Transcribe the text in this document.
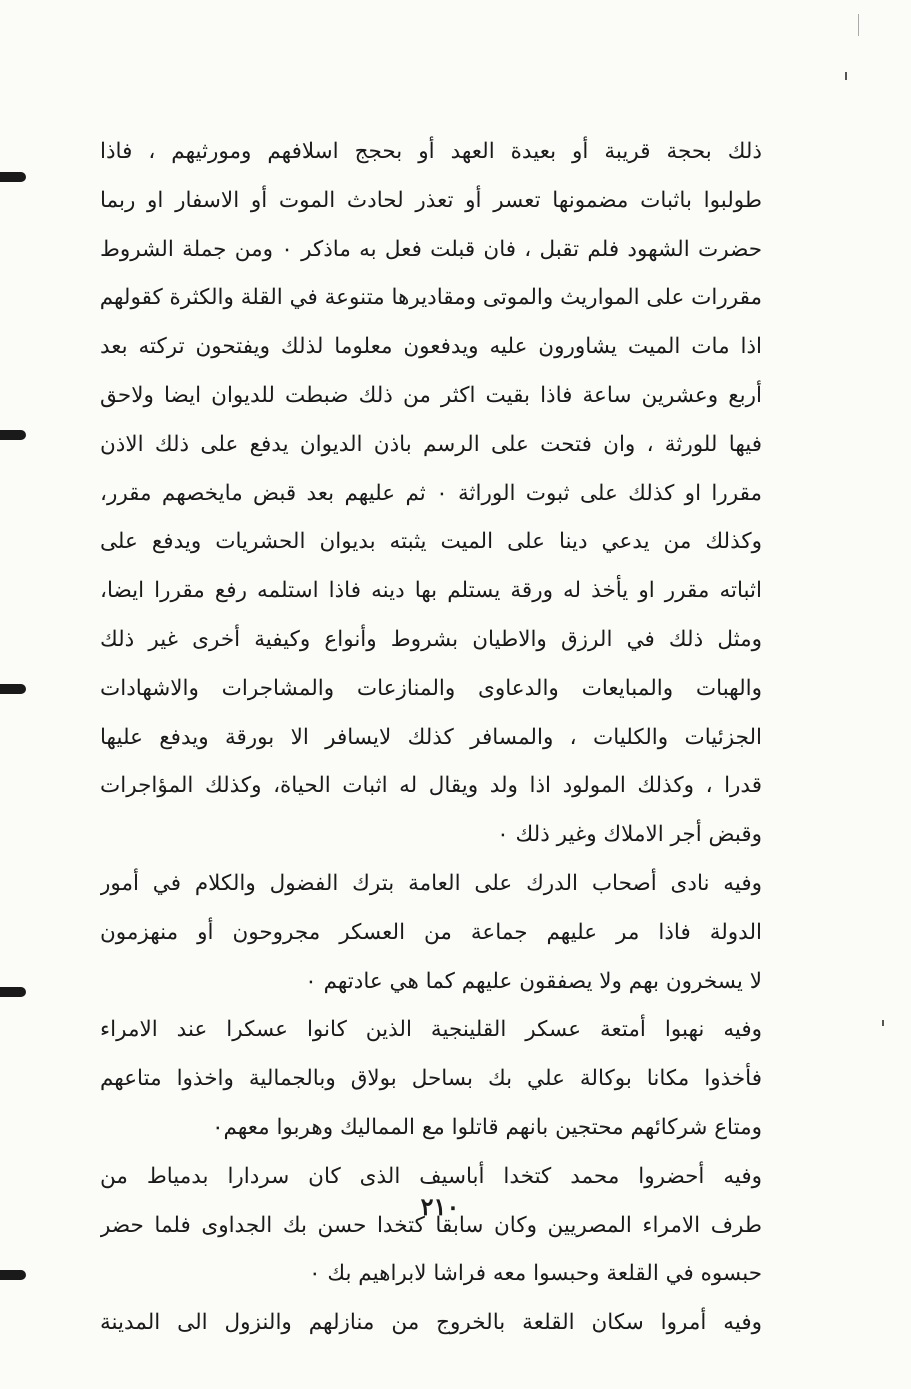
ذلك بحجة قريبة أو بعيدة العهد أو بحجج اسلافهم ومورثيهم ، فاذا
طولبوا باثبات مضمونها تعسر أو تعذر لحادث الموت أو الاسفار او ربما
حضرت الشهود فلم تقبل ، فان قبلت فعل به ماذكر ٠ ومن جملة الشروط
مقررات على المواريث والموتى ومقاديرها متنوعة في القلة والكثرة كقولهم
اذا مات الميت يشاورون عليه ويدفعون معلوما لذلك ويفتحون تركته بعد
أربع وعشرين ساعة فاذا بقيت اكثر من ذلك ضبطت للديوان ايضا ولاحق
فيها للورثة ، وان فتحت على الرسم باذن الديوان يدفع على ذلك الاذن
مقررا او كذلك على ثبوت الوراثة ٠ ثم عليهم بعد قبض مايخصهم مقرر،
وكذلك من يدعي دينا على الميت يثبته بديوان الحشريات ويدفع على
اثباته مقرر او يأخذ له ورقة يستلم بها دينه فاذا استلمه رفع مقررا ايضا،
ومثل ذلك في الرزق والاطيان بشروط وأنواع وكيفية أخرى غير ذلك
والهبات والمبايعات والدعاوى والمنازعات والمشاجرات والاشهادات
الجزئيات والكليات ، والمسافر كذلك لايسافر الا بورقة ويدفع عليها
قدرا ، وكذلك المولود اذا ولد ويقال له اثبات الحياة، وكذلك المؤاجرات
وقبض أجر الاملاك وغير ذلك ٠
وفيه نادى أصحاب الدرك على العامة بترك الفضول والكلام في أمور
الدولة فاذا مر عليهم جماعة من العسكر مجروحون أو منهزمون
لا يسخرون بهم ولا يصفقون عليهم كما هي عادتهم ٠
وفيه نهبوا أمتعة عسكر القلينجية الذين كانوا عسكرا عند الامراء
فأخذوا مكانا بوكالة علي بك بساحل بولاق وبالجمالية واخذوا متاعهم
ومتاع شركائهم محتجين بانهم قاتلوا مع المماليك وهربوا معهم٠
وفيه أحضروا محمد كتخدا أباسيف الذى كان سردارا بدمياط من
طرف الامراء المصريين وكان سابقا كتخدا حسن بك الجداوى فلما حضر
حبسوه في القلعة وحبسوا معه فراشا لابراهيم بك ٠
وفيه أمروا سكان القلعة بالخروج من منازلهم والنزول الى المدينة
٢١٠
